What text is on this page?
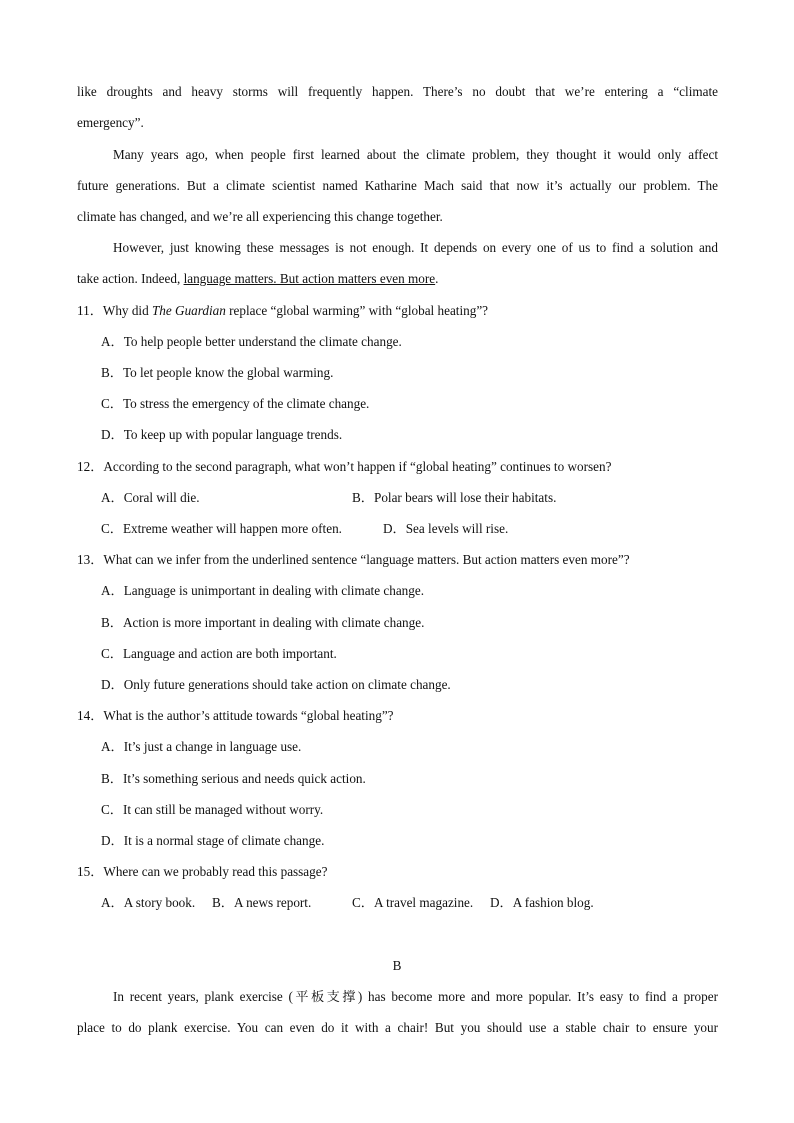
like droughts and heavy storms will frequently happen. There’s no doubt that we’re entering a “climate
emergency”.
Many years ago, when people first learned about the climate problem, they thought it would only affect
future generations. But a climate scientist named Katharine Mach said that now it’s actually our problem. The
climate has changed, and we’re all experiencing this change together.
However, just knowing these messages is not enough. It depends on every one of us to find a solution and
take action. Indeed, language matters. But action matters even more.
11．Why did The Guardian replace “global warming” with “global heating”?
A．To help people better understand the climate change.
B．To let people know the global warming.
C．To stress the emergency of the climate change.
D．To keep up with popular language trends.
12．According to the second paragraph, what won’t happen if “global heating” continues to worsen?
A．Coral will die.	B．Polar bears will lose their habitats.
C．Extreme weather will happen more often.	D．Sea levels will rise.
13．What can we infer from the underlined sentence “language matters. But action matters even more”?
A．Language is unimportant in dealing with climate change.
B．Action is more important in dealing with climate change.
C．Language and action are both important.
D．Only future generations should take action on climate change.
14．What is the author’s attitude towards “global heating”?
A．It’s just a change in language use.
B．It’s something serious and needs quick action.
C．It can still be managed without worry.
D．It is a normal stage of climate change.
15．Where can we probably read this passage?
A．A story book. B．A news report.	C．A travel magazine. D．A fashion blog.
B
In recent years, plank exercise (平板支撑) has become more and more popular. It’s easy to find a proper
place to do plank exercise. You can even do it with a chair! But you should use a stable chair to ensure your
